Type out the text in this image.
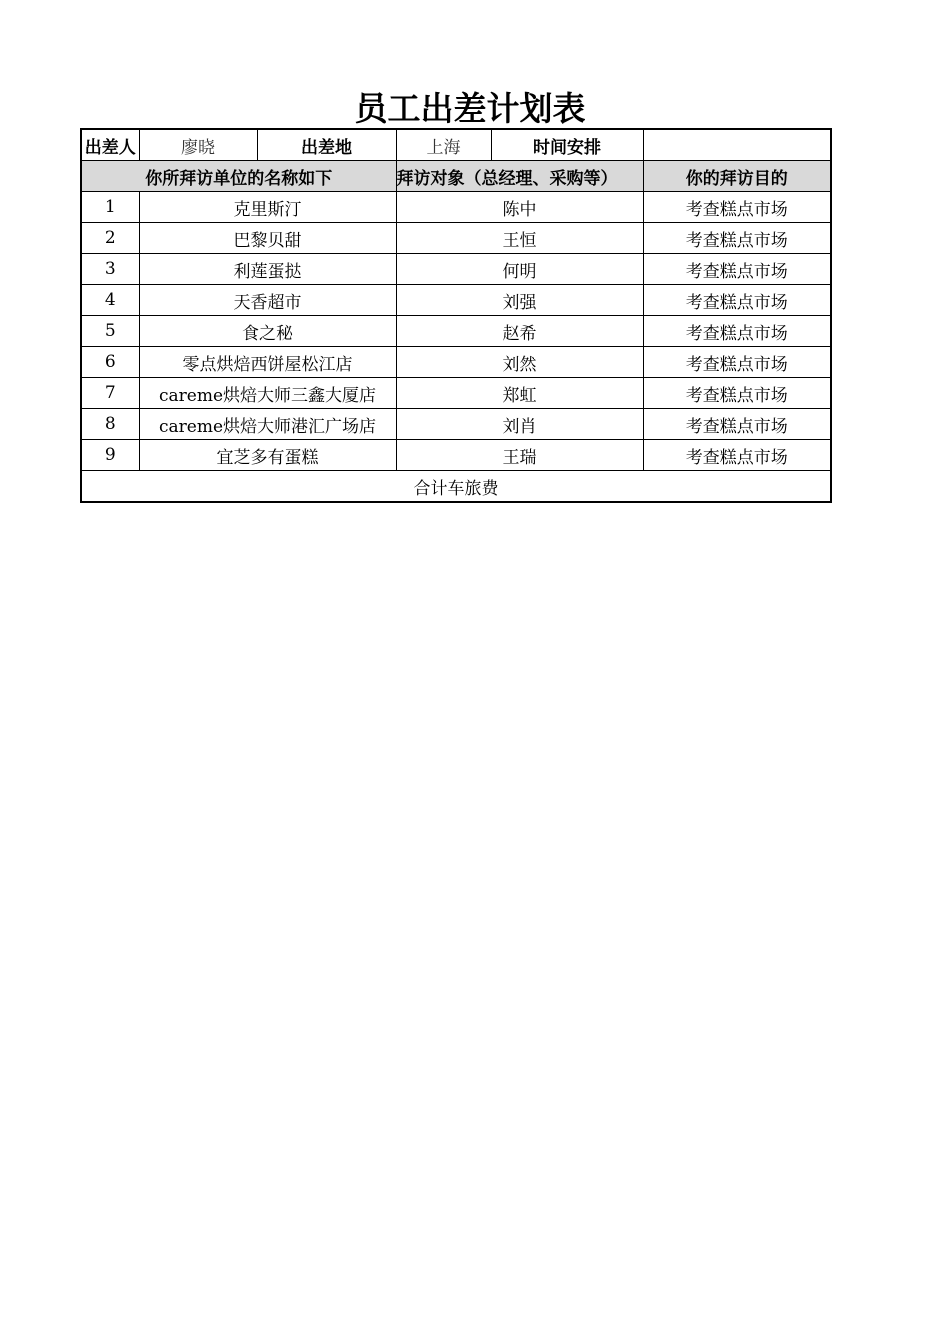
员工出差计划表
出差人	廖晓	出差地	上海	时间安排	
你所拜访单位的名称如下			拜访对象（总经理、采购等）		你的拜访目的
1	克里斯汀		陈中		考查糕点市场
2	巴黎贝甜		王恒		考查糕点市场
3	利莲蛋挞		何明		考查糕点市场
4	天香超市		刘强		考查糕点市场
5	食之秘		赵希		考查糕点市场
6	零点烘焙西饼屋松江店		刘然		考查糕点市场
7	careme烘焙大师三鑫大厦店		郑虹		考查糕点市场
8	careme烘焙大师港汇广场店		刘肖		考查糕点市场
9	宜芝多有蛋糕		王瑞		考查糕点市场
合计车旅费					
